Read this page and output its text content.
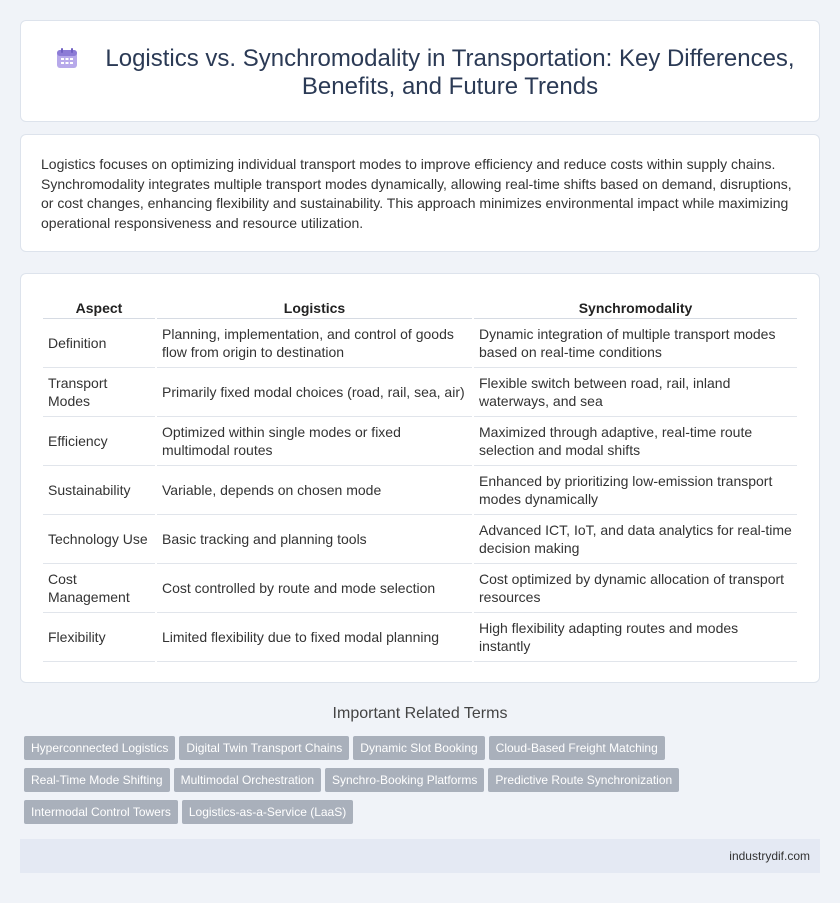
Logistics vs. Synchromodality in Transportation: Key Differences, Benefits, and Future Trends

Logistics focuses on optimizing individual transport modes to improve efficiency and reduce costs within supply chains. Synchromodality integrates multiple transport modes dynamically, allowing real-time shifts based on demand, disruptions, or cost changes, enhancing flexibility and sustainability. This approach minimizes environmental impact while maximizing operational responsiveness and resource utilization.

Aspect	Logistics	Synchromodality
Definition	Planning, implementation, and control of goods flow from origin to destination	Dynamic integration of multiple transport modes based on real-time conditions
Transport Modes	Primarily fixed modal choices (road, rail, sea, air)	Flexible switch between road, rail, inland waterways, and sea
Efficiency	Optimized within single modes or fixed multimodal routes	Maximized through adaptive, real-time route selection and modal shifts
Sustainability	Variable, depends on chosen mode	Enhanced by prioritizing low-emission transport modes dynamically
Technology Use	Basic tracking and planning tools	Advanced ICT, IoT, and data analytics for real-time decision making
Cost Management	Cost controlled by route and mode selection	Cost optimized by dynamic allocation of transport resources
Flexibility	Limited flexibility due to fixed modal planning	High flexibility adapting routes and modes instantly
Important Related Terms
Hyperconnected Logistics Digital Twin Transport Chains Dynamic Slot Booking Cloud-Based Freight Matching
Real-Time Mode Shifting Multimodal Orchestration Synchro-Booking Platforms Predictive Route Synchronization
Intermodal Control Towers Logistics-as-a-Service (LaaS)
industrydif.com
